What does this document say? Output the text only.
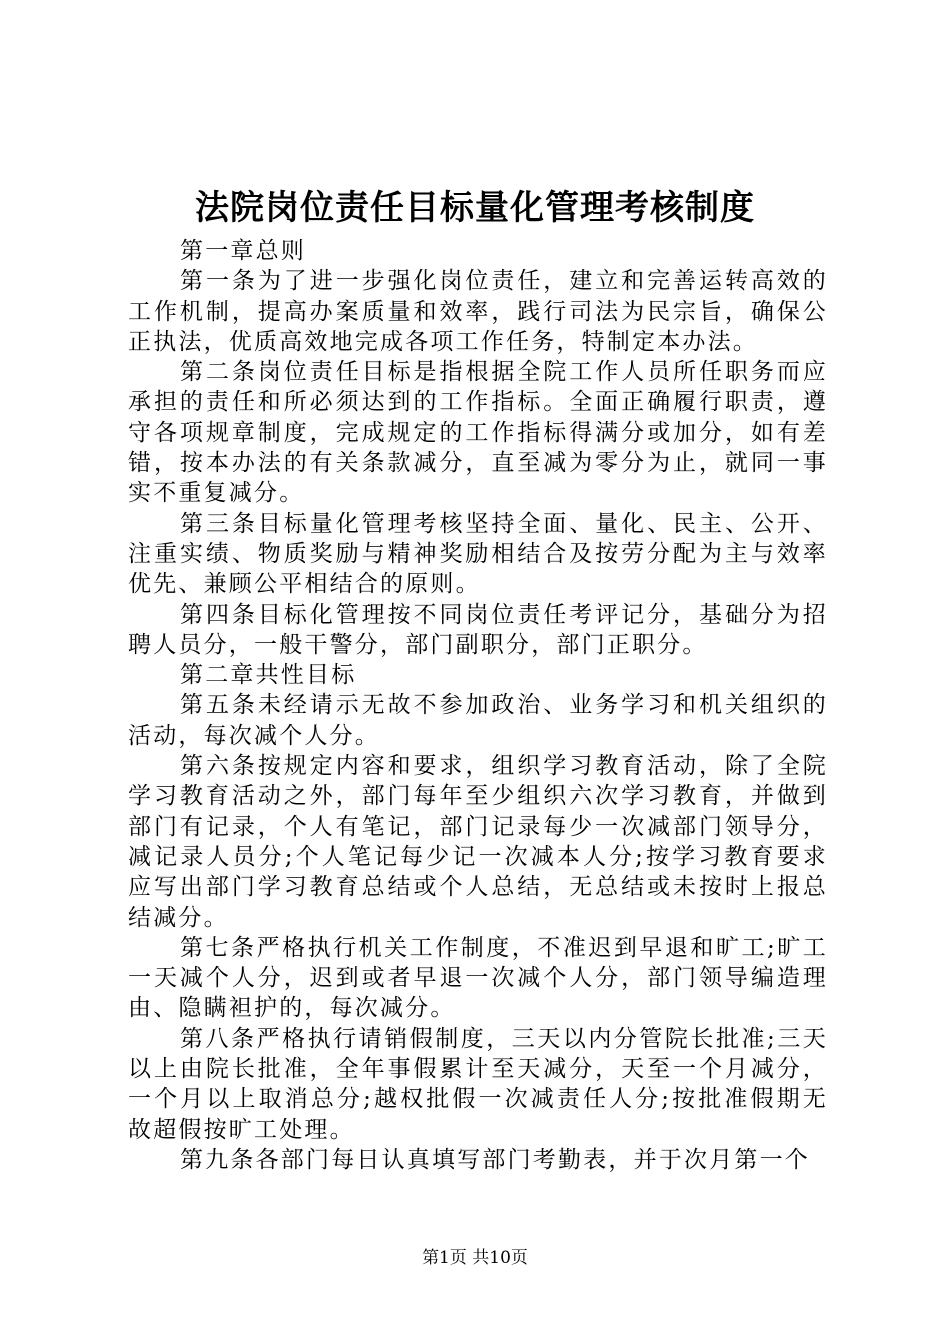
法院岗位责任目标量化管理考核制度

第一章总则

第一条为了进一步强化岗位责任，建立和完善运转高效的工作机制，提高办案质量和效率，践行司法为民宗旨，确保公正执法，优质高效地完成各项工作任务，特制定本办法。

第二条岗位责任目标是指根据全院工作人员所任职务而应承担的责任和所必须达到的工作指标。全面正确履行职责，遵守各项规章制度，完成规定的工作指标得满分或加分，如有差错，按本办法的有关条款减分，直至减为零分为止，就同一事实不重复减分。

第三条目标量化管理考核坚持全面、量化、民主、公开、注重实绩、物质奖励与精神奖励相结合及按劳分配为主与效率优先、兼顾公平相结合的原则。

第四条目标化管理按不同岗位责任考评记分，基础分为招聘人员分，一般干警分，部门副职分，部门正职分。

第二章共性目标

第五条未经请示无故不参加政治、业务学习和机关组织的活动，每次减个人分。

第六条按规定内容和要求，组织学习教育活动，除了全院学习教育活动之外，部门每年至少组织六次学习教育，并做到部门有记录，个人有笔记，部门记录每少一次减部门领导分，减记录人员分;个人笔记每少记一次减本人分;按学习教育要求应写出部门学习教育总结或个人总结，无总结或未按时上报总结减分。

第七条严格执行机关工作制度，不准迟到早退和旷工;旷工一天减个人分，迟到或者早退一次减个人分，部门领导编造理由、隐瞒袒护的，每次减分。

第八条严格执行请销假制度，三天以内分管院长批准;三天以上由院长批准，全年事假累计至天减分，天至一个月减分，一个月以上取消总分;越权批假一次减责任人分;按批准假期无故超假按旷工处理。

第九条各部门每日认真填写部门考勤表，并于次月第一个

第1页 共10页
